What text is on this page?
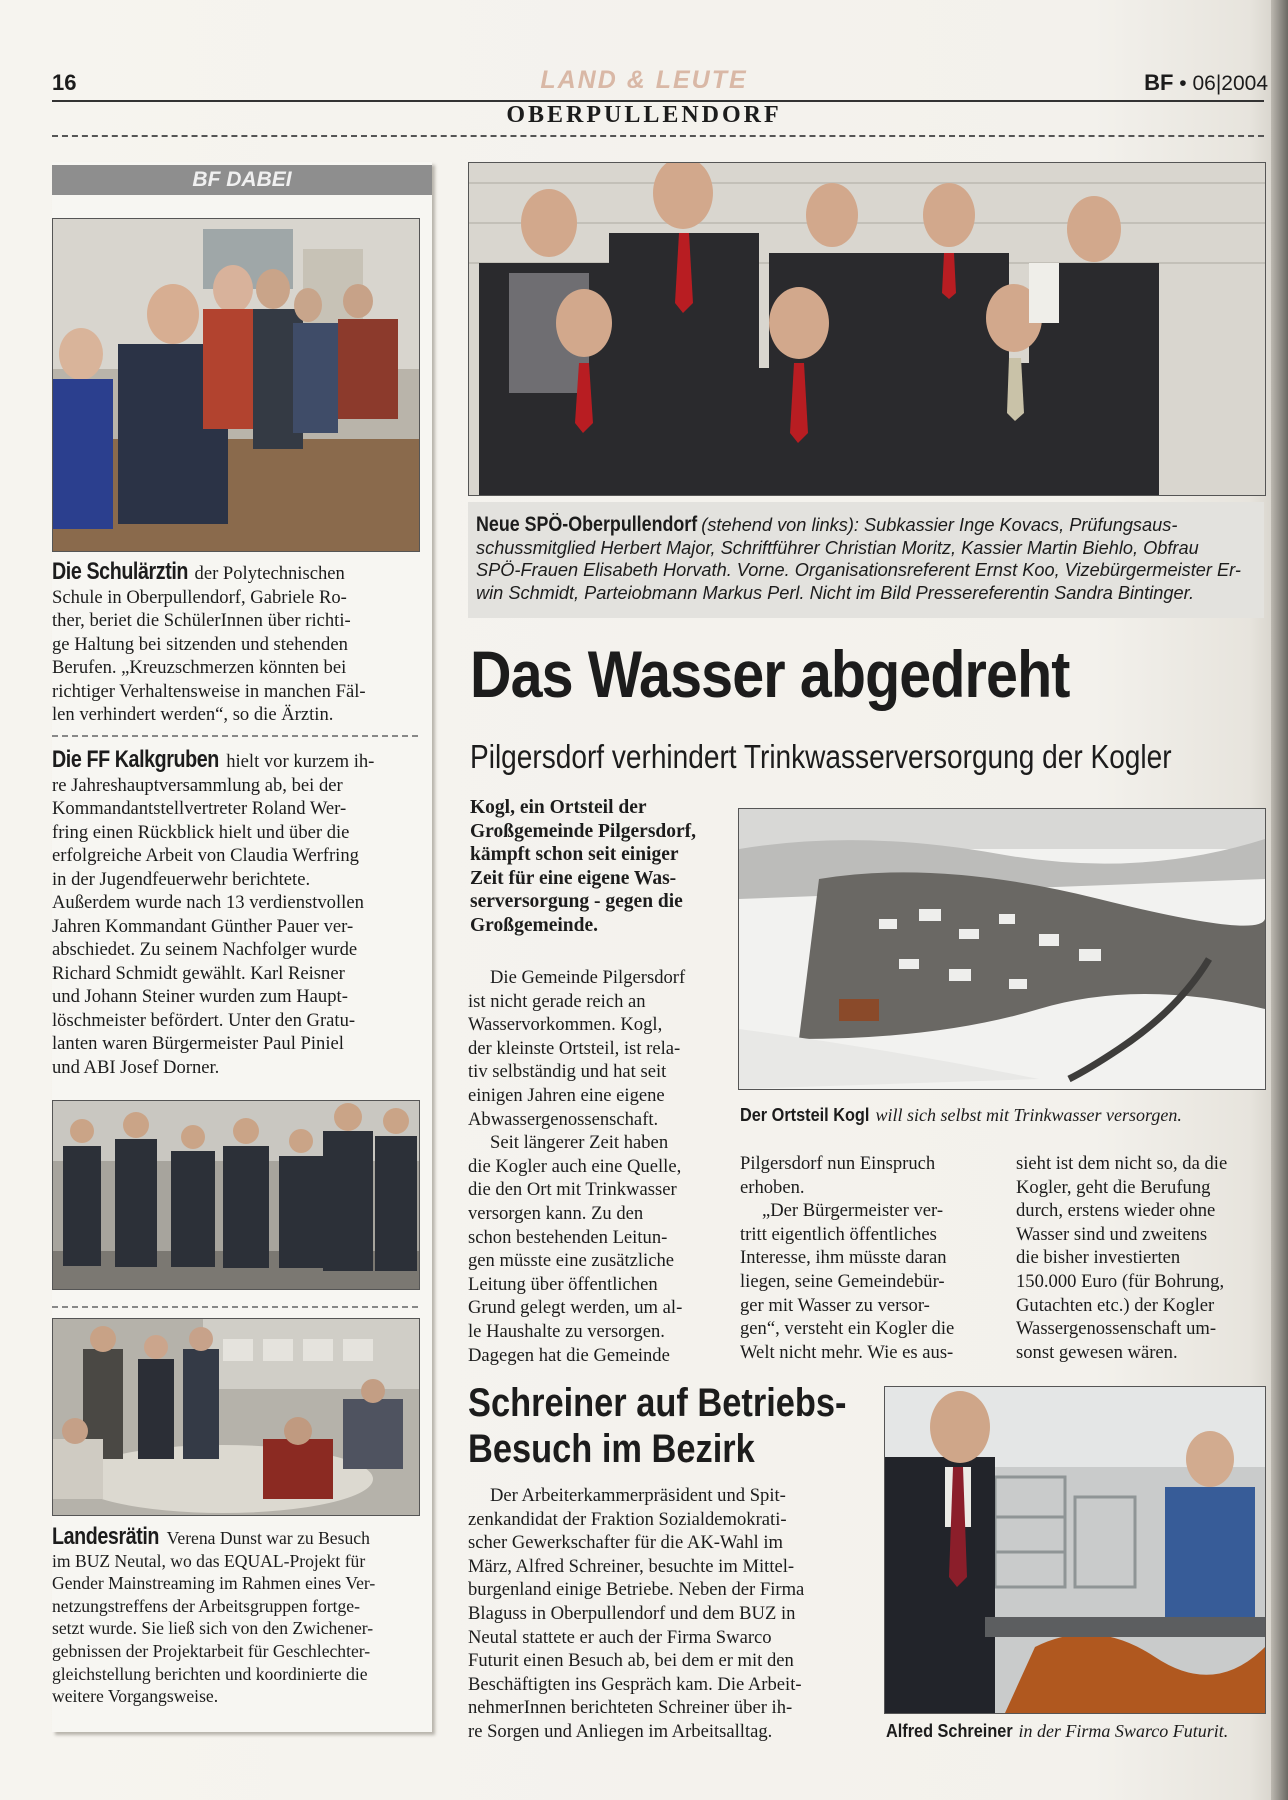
16	LAND & LEUTE	BF • 06|2004
OBERPULLENDORF
BF DABEI
Die Schulärztin der Polytechnischen
Schule in Oberpullendorf, Gabriele Ro-
ther, beriet die SchülerInnen über richti-
ge Haltung bei sitzenden und stehenden
Berufen. „Kreuzschmerzen könnten bei
richtiger Verhaltensweise in manchen Fäl-
len verhindert werden“, so die Ärztin.
Die FF Kalkgruben hielt vor kurzem ih-
re Jahreshauptversammlung ab, bei der
Kommandantstellvertreter Roland Wer-
fring einen Rückblick hielt und über die
erfolgreiche Arbeit von Claudia Werfring
in der Jugendfeuerwehr berichtete.
Außerdem wurde nach 13 verdienstvollen
Jahren Kommandant Günther Pauer ver-
abschiedet. Zu seinem Nachfolger wurde
Richard Schmidt gewählt. Karl Reisner
und Johann Steiner wurden zum Haupt-
löschmeister befördert. Unter den Gratu-
lanten waren Bürgermeister Paul Piniel
und ABI Josef Dorner.
Landesrätin Verena Dunst war zu Besuch
im BUZ Neutal, wo das EQUAL-Projekt für
Gender Mainstreaming im Rahmen eines Ver-
netzungstreffens der Arbeitsgruppen fortge-
setzt wurde. Sie ließ sich von den Zwichener-
gebnissen der Projektarbeit für Geschlechter-
gleichstellung berichten und koordinierte die
weitere Vorgangsweise.
Neue SPÖ-Oberpullendorf (stehend von links): Subkassier Inge Kovacs, Prüfungsaus-
schussmitglied Herbert Major, Schriftführer Christian Moritz, Kassier Martin Biehlo, Obfrau
SPÖ-Frauen Elisabeth Horvath. Vorne. Organisationsreferent Ernst Koo, Vizebürgermeister Er-
win Schmidt, Parteiobmann Markus Perl. Nicht im Bild Pressereferentin Sandra Bintinger.
Das Wasser abgedreht
Pilgersdorf verhindert Trinkwasserversorgung der Kogler
Kogl, ein Ortsteil der
Großgemeinde Pilgersdorf,
kämpft schon seit einiger
Zeit für eine eigene Was-
serversorgung - gegen die
Großgemeinde.
Die Gemeinde Pilgersdorf
ist nicht gerade reich an
Wasservorkommen. Kogl,
der kleinste Ortsteil, ist rela-
tiv selbständig und hat seit
einigen Jahren eine eigene
Abwassergenossenschaft.
Seit längerer Zeit haben
die Kogler auch eine Quelle,
die den Ort mit Trinkwasser
versorgen kann. Zu den
schon bestehenden Leitun-
gen müsste eine zusätzliche
Leitung über öffentlichen
Grund gelegt werden, um al-
le Haushalte zu versorgen.
Dagegen hat die Gemeinde
Der Ortsteil Kogl will sich selbst mit Trinkwasser versorgen.
Pilgersdorf nun Einspruch
erhoben.
„Der Bürgermeister ver-
tritt eigentlich öffentliches
Interesse, ihm müsste daran
liegen, seine Gemeindebür-
ger mit Wasser zu versor-
gen“, versteht ein Kogler die
Welt nicht mehr. Wie es aus-
sieht ist dem nicht so, da die
Kogler, geht die Berufung
durch, erstens wieder ohne
Wasser sind und zweitens
die bisher investierten
150.000 Euro (für Bohrung,
Gutachten etc.) der Kogler
Wassergenossenschaft um-
sonst gewesen wären.
Schreiner auf Betriebs-
Besuch im Bezirk
Der Arbeiterkammerpräsident und Spit-
zenkandidat der Fraktion Sozialdemokrati-
scher Gewerkschafter für die AK-Wahl im
März, Alfred Schreiner, besuchte im Mittel-
burgenland einige Betriebe. Neben der Firma
Blaguss in Oberpullendorf und dem BUZ in
Neutal stattete er auch der Firma Swarco
Futurit einen Besuch ab, bei dem er mit den
Beschäftigten ins Gespräch kam. Die Arbeit-
nehmerInnen berichteten Schreiner über ih-
re Sorgen und Anliegen im Arbeitsalltag.	Alfred Schreiner in der Firma Swarco Futurit.
